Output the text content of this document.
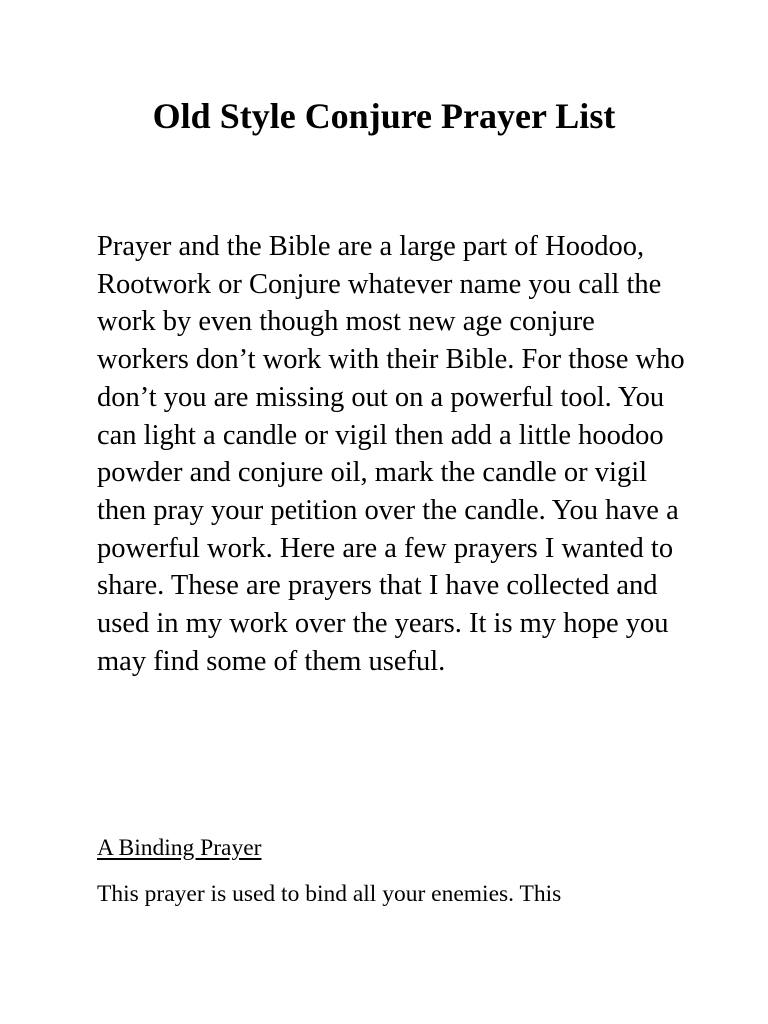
Old Style Conjure Prayer List

Prayer and the Bible are a large part of Hoodoo, Rootwork or Conjure whatever name you call the work by even though most new age conjure workers don’t work with their Bible. For those who don’t you are missing out on a powerful tool. You can light a candle or vigil then add a little hoodoo powder and conjure oil, mark the candle or vigil then pray your petition over the candle. You have a powerful work. Here are a few prayers I wanted to share. These are prayers that I have collected and used in my work over the years. It is my hope you may find some of them useful.

A Binding Prayer

This prayer is used to bind all your enemies. This
